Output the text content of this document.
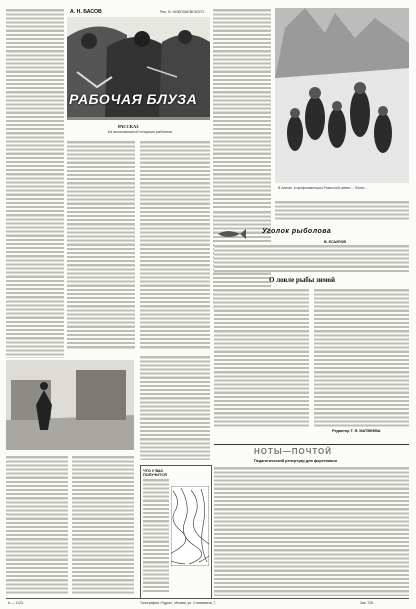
А. Н. БАСОВ	Рис. В. НИКОЛАЕВСКОГО
РАБОЧАЯ БЛУЗА
РАССКАЗ
Из воспоминаний старого рабочего
В Алтае, в профилактории Рокшиной имени ... Фото: ...
ЧТО У ВАС ПОЛУЧИТСЯ
Уголок рыболова
В. ЕСАУЛОВ
О ловле рыбы зимой
Редактор Т. Я. МАТВЕЕВА
НОТЫ—ПОЧТОЙ
Педагогический репертуар для фортепиано
А — 1123.	Типография «Гудок», Москва, ул. Станкевича, 7.	Зак. 726
